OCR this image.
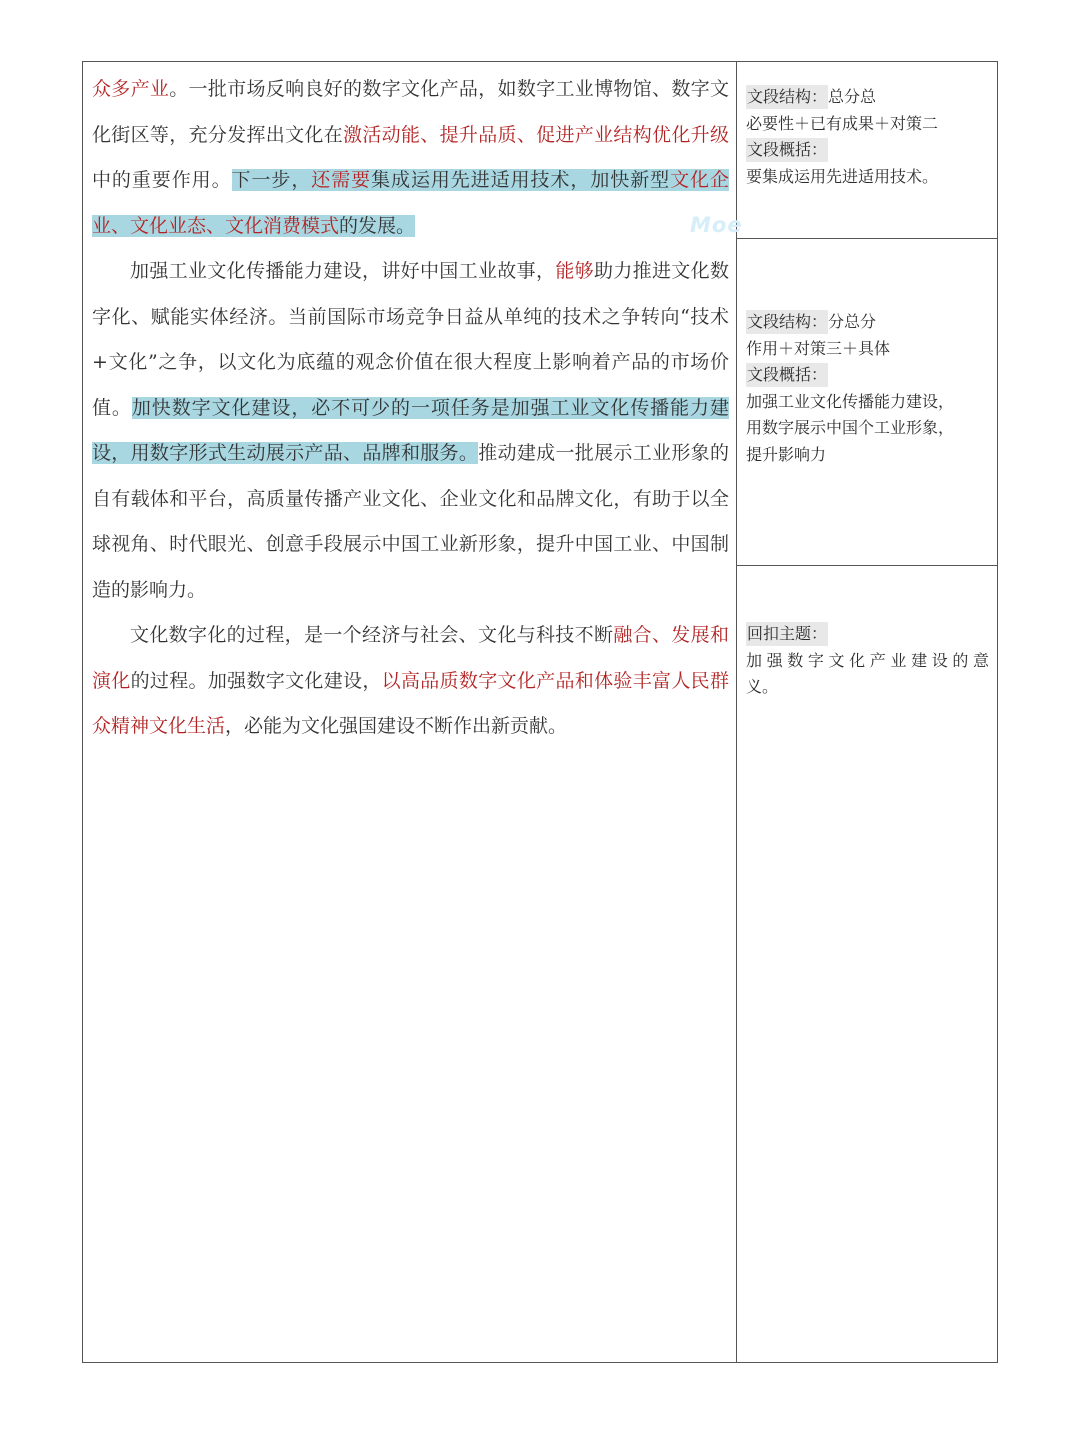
众多产业。一批市场反响良好的数字文化产品，如数字工业博物馆、数字文化街区等，充分发挥出文化在激活动能、提升品质、促进产业结构优化升级中的重要作用。下一步，还需要集成运用先进适用技术，加快新型文化企业、文化业态、文化消费模式的发展。

加强工业文化传播能力建设，讲好中国工业故事，能够助力推进文化数字化、赋能实体经济。当前国际市场竞争日益从单纯的技术之争转向“技术+文化”之争，以文化为底蕴的观念价值在很大程度上影响着产品的市场价值。加快数字文化建设，必不可少的一项任务是加强工业文化传播能力建设，用数字形式生动展示产品、品牌和服务。推动建成一批展示工业形象的自有载体和平台，高质量传播产业文化、企业文化和品牌文化，有助于以全球视角、时代眼光、创意手段展示中国工业新形象，提升中国工业、中国制造的影响力。

文化数字化的过程，是一个经济与社会、文化与科技不断融合、发展和演化的过程。加强数字文化建设，以高品质数字文化产品和体验丰富人民群众精神文化生活，必能为文化强国建设不断作出新贡献。

文段结构：总分总
必要性＋已有成果＋对策二
文段概括：
要集成运用先进适用技术。
文段结构：分总分
作用＋对策三＋具体
文段概括：
加强工业文化传播能力建设，
用数字展示中国个工业形象，
提升影响力
回扣主题：
加强数字文化产业建设的意
义。
Moe
